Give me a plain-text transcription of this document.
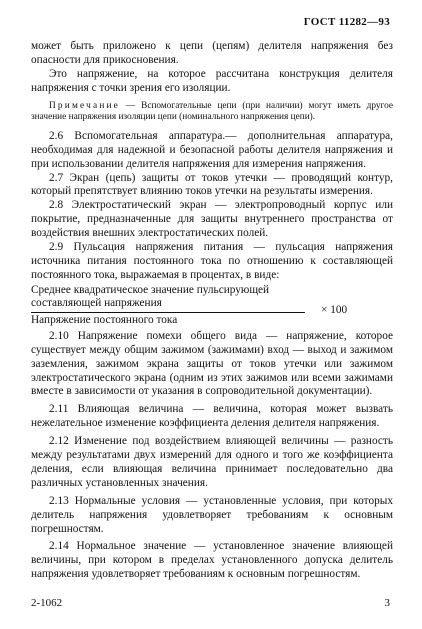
ГОСТ 11282—93

может быть приложено к цепи (цепям) делителя напряжения без опасности для прикосновения.

Это напряжение, на которое рассчитана конструкция делителя напряжения с точки зрения его изоляции.

Примечание — Вспомогательные цепи (при наличии) могут иметь другое значение напряжения изоляции цепи (номинального напряжения цепи).

2.6 Вспомогательная аппаратура.— дополнительная аппаратура, необходимая для надежной и безопасной работы делителя напряжения и при использовании делителя напряжения для измерения напряжения.

2.7 Экран (цепь) защиты от токов утечки — проводящий контур, который препятствует влиянию токов утечки на результаты измерения.

2.8 Электростатический экран — электропроводный корпус или покрытие, предназначенные для защиты внутреннего пространства от воздействия внешних электростатических полей.

2.9 Пульсация напряжения питания — пульсация напряжения источника питания постоянного тока по отношению к составляющей постоянного тока, выражаемая в процентах, в виде:

Среднее квадратическое значение пульсирующей
составляющей напряжения
Напряжение постоянного тока
× 100

2.10 Напряжение помехи общего вида — напряжение, которое существует между общим зажимом (зажимами) вход — выход и зажимом заземления, зажимом экрана защиты от токов утечки или зажимом электростатического экрана (одним из этих зажимов или всеми зажимами вместе в зависимости от указания в сопроводительной документации).

2.11 Влияющая величина — величина, которая может вызвать нежелательное изменение коэффициента деления делителя напряжения.

2.12 Изменение под воздействием влияющей величины — разность между результатами двух измерений для одного и того же коэффициента деления, если влияющая величина принимает последовательно два различных установленных значения.

2.13 Нормальные условия — установленные условия, при которых делитель напряжения удовлетворяет требованиям к основным погрешностям.

2.14 Нормальное значение — установленное значение влияющей величины, при котором в пределах установленного допуска делитель напряжения удовлетворяет требованиям к основным погрешностям.

2-1062	3
